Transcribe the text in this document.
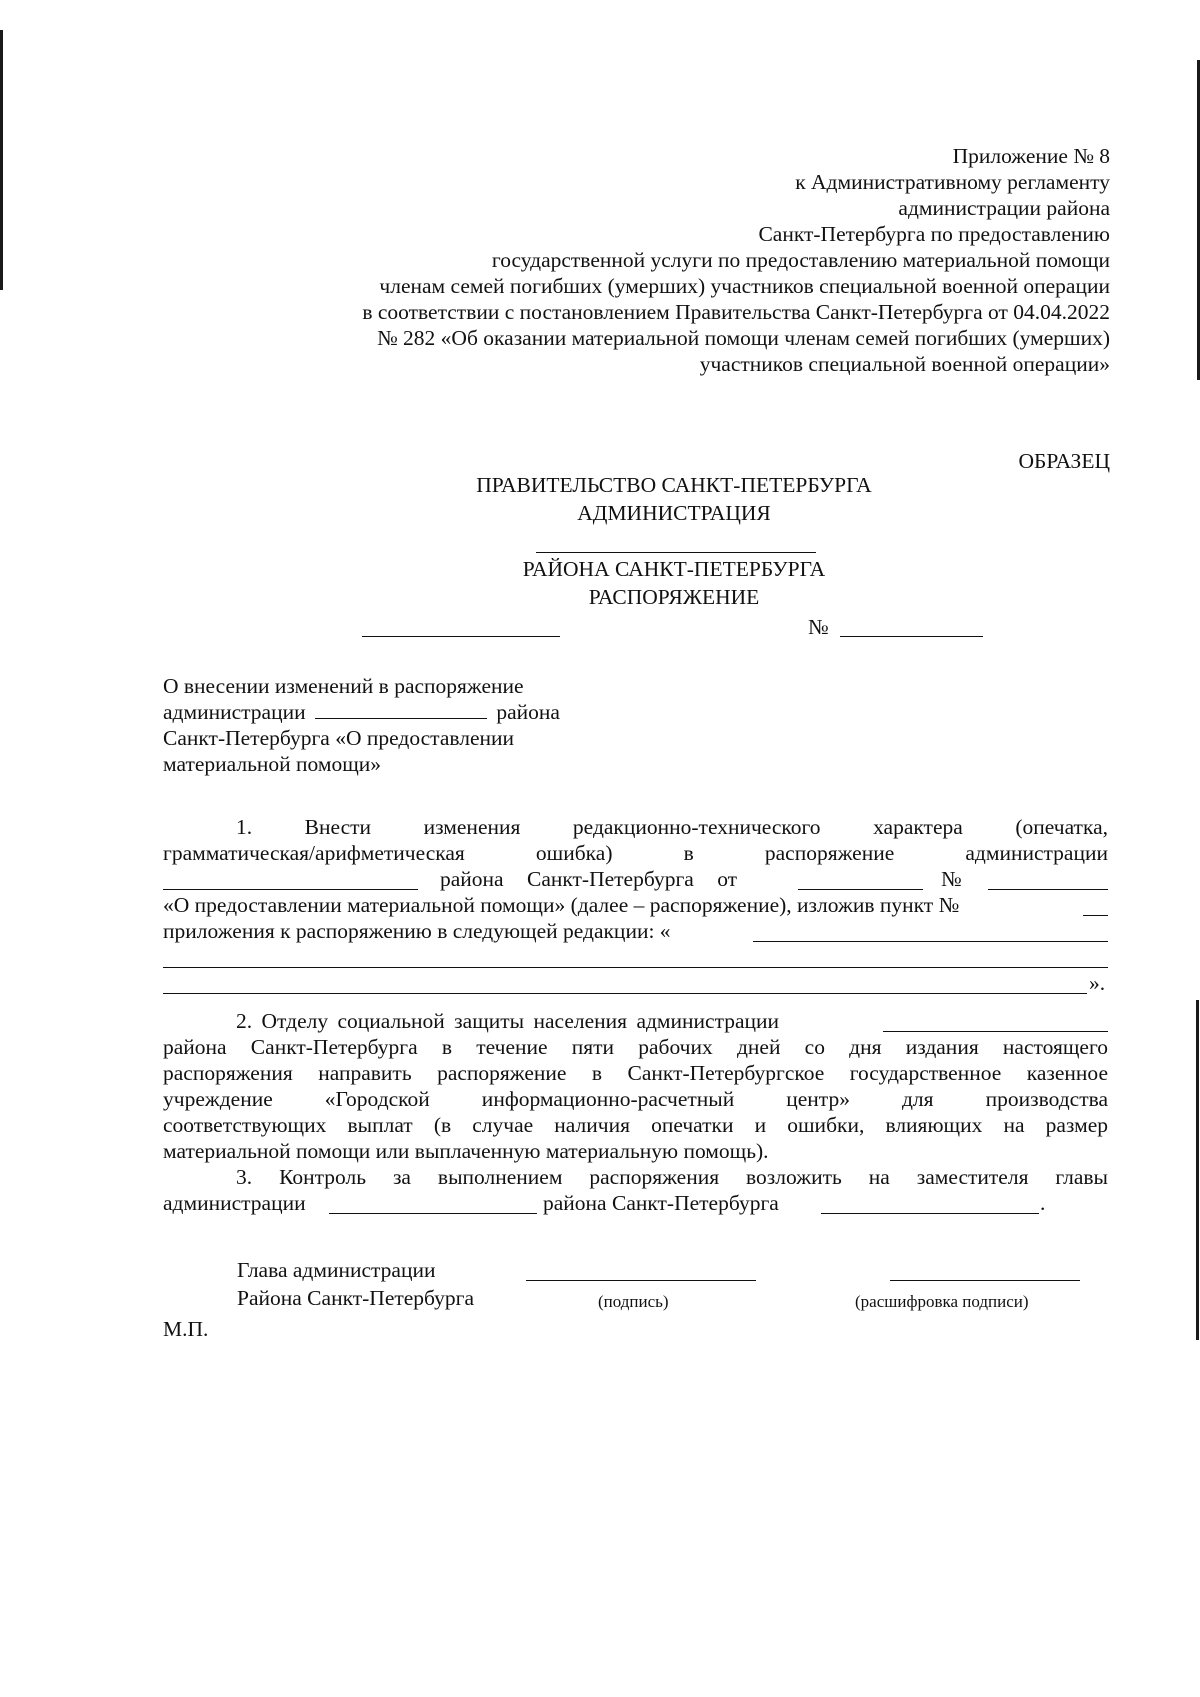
Приложение № 8
к Административному регламенту
администрации района
Санкт-Петербурга по предоставлению
государственной услуги по предоставлению материальной помощи
членам семей погибших (умерших) участников специальной военной операции
в соответствии с постановлением Правительства Санкт-Петербурга от 04.04.2022
№ 282 «Об оказании материальной помощи членам семей погибших (умерших)
участников специальной военной операции»
ОБРАЗЕЦ
ПРАВИТЕЛЬСТВО САНКТ-ПЕТЕРБУРГА
АДМИНИСТРАЦИЯ
РАЙОНА САНКТ-ПЕТЕРБУРГА
РАСПОРЯЖЕНИЕ
№
О внесении изменений в распоряжение
администрации	района
Санкт-Петербурга «О предоставлении
материальной помощи»
1. Внести изменения редакционно-технического характера (опечатка,
грамматическая/арифметическая ошибка) в распоряжение администрации
района Санкт-Петербурга от	№
«О предоставлении материальной помощи» (далее – распоряжение), изложив пункт №
приложения к распоряжению в следующей редакции: «
».
2. Отделу социальной защиты населения администрации
района Санкт-Петербурга в течение пяти рабочих дней со дня издания настоящего
распоряжения направить распоряжение в Санкт-Петербургское государственное казенное
учреждение «Городской информационно-расчетный центр» для производства
соответствующих выплат (в случае наличия опечатки и ошибки, влияющих на размер
материальной помощи или выплаченную материальную помощь).
3. Контроль за выполнением распоряжения возложить на заместителя главы
администрации	района Санкт-Петербурга	.
Глава администрации
Района Санкт-Петербурга	(подпись)	(расшифровка подписи)
М.П.
